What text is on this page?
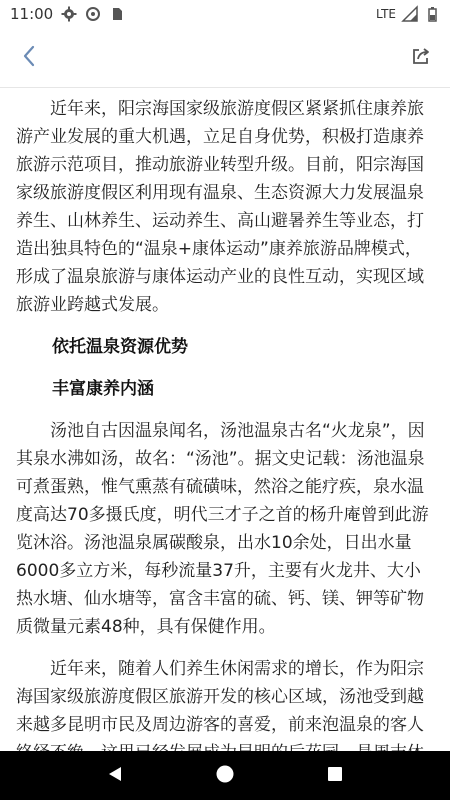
11:00	LTE

近年来，阳宗海国家级旅游度假区紧紧抓住康养旅游产业发展的重大机遇，立足自身优势，积极打造康养旅游示范项目，推动旅游业转型升级。目前，阳宗海国家级旅游度假区利用现有温泉、生态资源大力发展温泉养生、山林养生、运动养生、高山避暑养生等业态，打造出独具特色的“温泉+康体运动”康养旅游品牌模式，形成了温泉旅游与康体运动产业的良性互动，实现区域旅游业跨越式发展。

依托温泉资源优势
丰富康养内涵

汤池自古因温泉闻名，汤池温泉古名“火龙泉”，因其泉水沸如汤，故名：“汤池”。据文史记载：汤池温泉可煮蛋熟，惟气熏蒸有硫磺味，然浴之能疗疾，泉水温度高达70多摄氏度，明代三才子之首的杨升庵曾到此游览沐浴。汤池温泉属碳酸泉，出水10余处，日出水量6000多立方米，每秒流量37升，主要有火龙井、大小热水塘、仙水塘等，富含丰富的硫、钙、镁、钾等矿物质微量元素48种，具有保健作用。

近年来，随着人们养生休闲需求的增长，作为阳宗海国家级旅游度假区旅游开发的核心区域，汤池受到越来越多昆明市民及周边游客的喜爱，前来泡温泉的客人
